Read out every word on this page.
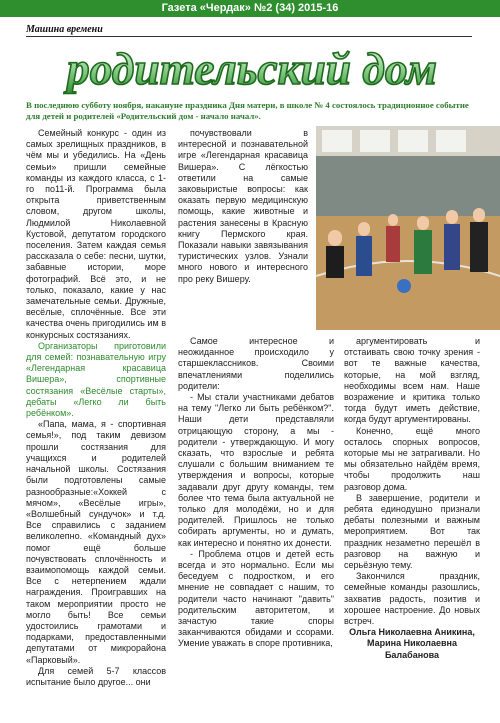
Газета «Чердак» №2 (34) 2015-16
Машина времени
родительский дом
В последнюю субботу ноября, накануне праздника Дня матери, в школе № 4 состоялось традиционное событие для детей и родителей «Родительский дом - начало начал».

Семейный конкурс - один из самых зрелищных праздников, в чём мы и убедились. На «День семьи» пришли семейные команды из каждого класса, с 1-го по11-й. Программа была открыта приветственным словом, другом школы, Людмилой Николаевной Кустовой, депутатом городского поселения. Затем каждая семья рассказала о себе: песни, шутки, забавные истории, море фотографий. Всё это, и не только, показало, какие у нас замечательные семьи. Дружные, весёлые, сплочённые. Все эти качества очень пригодились им в конкурсных состязаниях.

Организаторы приготовили для семей: познавательную игру «Легендарная красавица Вишера», спортивные состязания «Весёлые старты», дебаты «Легко ли быть ребёнком».

«Папа, мама, я - спортивная семья!», под таким девизом прошли состязания для учащихся и родителей начальной школы. Состязания были подготовлены самые разнообразные:«Хоккей с мячом», «Весёлые игры», «Волшебный сундучок» и т.д. Все справились с заданием великолепно. «Командный дух» помог ещё больше почувствовать сплочённость и взаимопомощь каждой семьи. Все с нетерпением ждали награждения. Проигравших на таком мероприятии просто не могло быть! Все семьи удостоились грамотами и подарками, предоставленными депутатами от микрорайона «Парковый».

Для семей 5-7 классов испытание было другое... они

почувствовали в интересной и познавательной игре «Легендарная красавица Вишера». С лёгкостью ответили на самые заковыристые вопросы: как оказать первую медицинскую помощь, какие животные и растения занесены в Красную книгу Пермского края. Показали навыки завязывания туристических узлов. Узнали много нового и интересного про реку Вишеру.

Самое интересное и неожиданное происходило у старшеклассников. Своими впечатлениями поделились родители:

- Мы стали участниками дебатов на тему "Легко ли быть ребёнком?". Наши дети представляли отрицающую сторону, а мы - родители - утверждающую. И могу сказать, что взрослые и ребята слушали с большим вниманием те утверждения и вопросы, которые задавали друг другу команды, тем более что тема была актуальной не только для молодёжи, но и для родителей. Пришлось не только собирать аргументы, но и думать, как интересно и понятно их донести.

- Проблема отцов и детей есть всегда и это нормально. Если мы беседуем с подростком, и его мнение не совпадает с нашим, то родители часто начинают "давить" родительским авторитетом, и зачастую такие споры заканчиваются обидами и ссорами. Умение уважать в споре противника,

аргументировать и отстаивать свою точку зрения - вот те важные качества, которые, на мой взгляд, необходимы всем нам. Наше возражение и критика только тогда будут иметь действие, когда будут аргументированы.

Конечно, ещё много осталось спорных вопросов, которые мы не затрагивали. Но мы обязательно найдём время, чтобы продолжить наш разговор дома.

В завершение, родители и ребята единодушно признали дебаты полезными и важным мероприятием. Вот так праздник незаметно перешёл в разговор на важную и серьёзную тему.

Закончился праздник, семейные команды разошлись, захватив радость, позитив и хорошее настроение. До новых встреч.

Ольга Николаевна Аникина,

Марина Николаевна Балабанова
